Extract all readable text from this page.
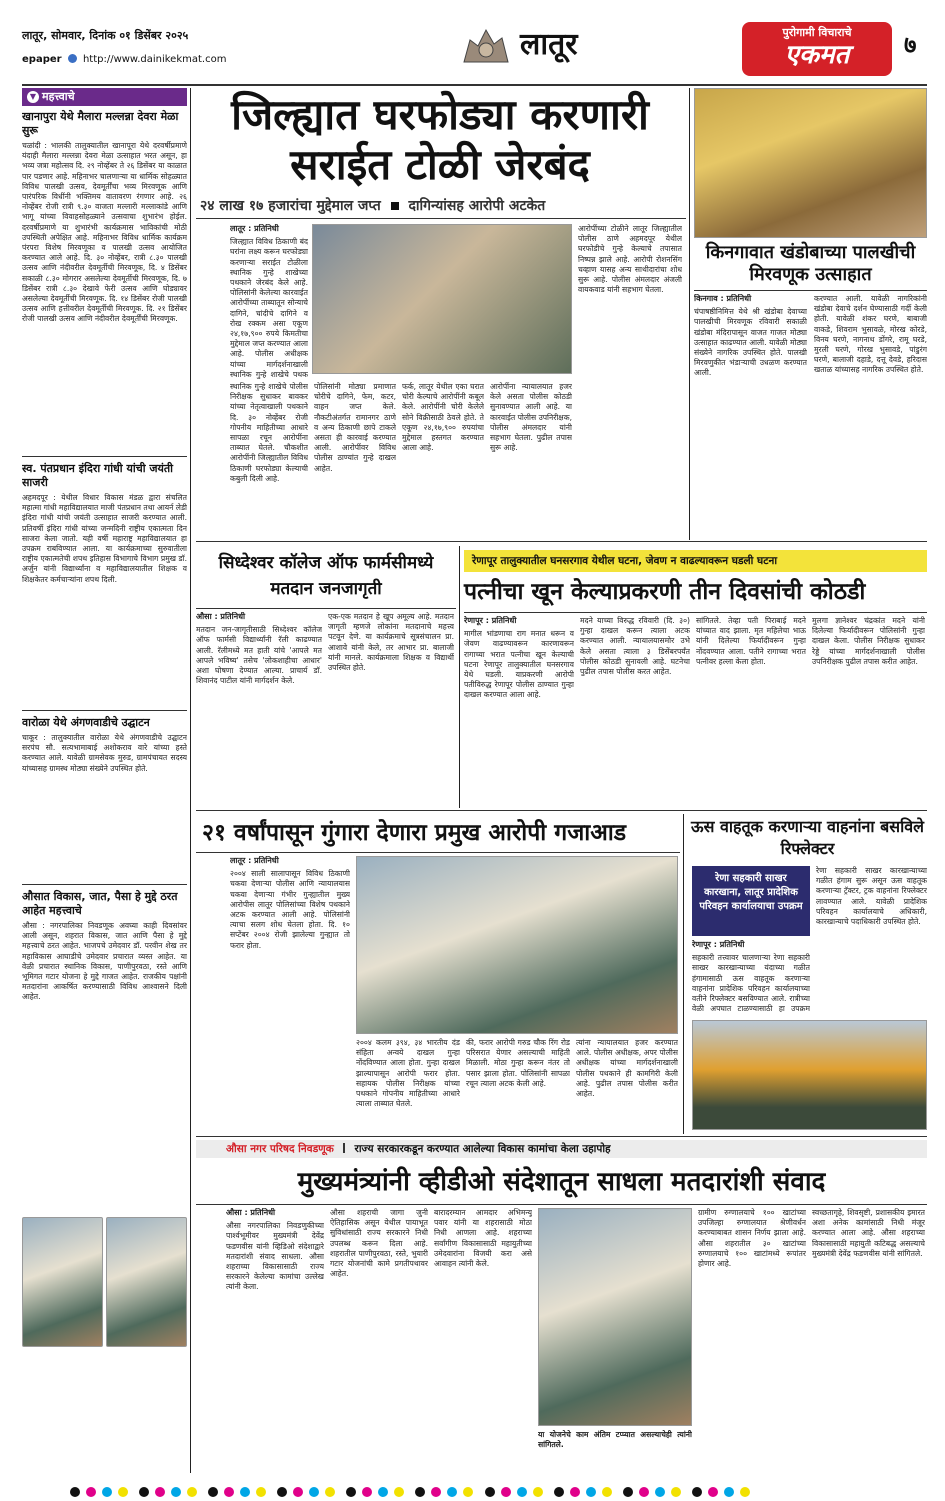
लातूर, सोमवार, दिनांक ०१ डिसेंबर २०२५
epaper http://www.dainikekmat.com	लातूर	पुरोगामी विचाराचे
एकमत	७
▼ महत्त्वाचे
खानापुरा येथे मैलारा मल्लन्ना देवरा मेळा सुरू
चळांदी : भालकी तालुक्यातील खानापूरा येथे दरवर्षीप्रमाणे यंदाही मैलारा मल्लन्ना देवरा मेळा उत्साहात भरत असून, हा भव्य जत्रा महोत्सव दि. २९ नोव्हेंबर ते २६ डिसेंबर या काळात पार पडणार आहे. महिनाभर चालणाऱ्या या धार्मिक सोहळ्यात विविध पालखी उत्सव, देवमूर्तींचा भव्य मिरवणूक आणि पारंपरिक विधींनी भक्तिमय वातावरण रंगणार आहे. २६ नोव्हेंबर रोजी रात्री ९.३० वाजता मल्लारी मल्लाकांडे आणि भागू यांच्या विवाहसोहळ्याने उत्सवाचा शुभारंभ होईल. दरवर्षीप्रमाणे या शुभारंभी कार्यक्रमास भाविकांची मोठी उपस्थिती अपेक्षित आहे. महिनाभर विविध धार्मिक कार्यक्रम पंरपरा विशेष मिरवणूका व पालखी उत्सव आयोजित करण्यात आले आहे. दि. ३० नोव्हेंबर, रात्री ८.३० पालखी उत्सव आणि नंदीवरील देवमूर्तीची मिरवणूक, दि. ४ डिसेंबर सकाळी ८.३० मोगरार असलेल्या देवमूर्तीची मिरवणूक, दि. ७ डिसेंबर रात्री ८.३० देखावे फेरी उत्सव आणि घोड्यावर असलेल्या देवमूर्तीची मिरवणूक. दि. १४ डिसेंबर रोजी पालखी उत्सव आणि हत्तीवरील देवमूर्तीची मिरवणूक. दि. २१ डिसेंबर रोजी पालखी उत्सव आणि नंदीवरील देवमूर्तींची मिरवणूक.
स्व. पंतप्रधान इंदिरा गांधी यांची जयंती साजरी
अहमदपूर : येथील विधार विकास मंडळ द्वारा संचलित महात्मा गांधी महाविद्यालयात माजी पंतप्रधान तथा आयर्न लेडी इंदिरा गांधी यांची जयंती उत्साहात साजरी करण्यात आली. प्रतिवर्षी इंदिरा गांधी यांच्या जन्मदिनी राष्ट्रीय एकात्मता दिन साजरा केला जातो. यही वर्षी महाराष्ट्र महाविद्यालयात हा उपक्रम राबविण्यात आला. या कार्यक्रमाच्या सुरुवातीला राष्ट्रीय एकात्मतेची शपथ इतिहास विभागाचे विभाग प्रमुख डॉ. अर्जुन यांनी विद्यार्थ्यांना व महाविद्यालयातील शिक्षक व शिक्षकेतर कर्मचाऱ्यांना शपथ दिली.
वारोळा येथे अंगणवाडीचे उद्घाटन
चाकूर : तालुक्यातील वारोळा येथे अंगणवाडीचे उद्घाटन सरपंच सौ. सत्यभामाबाई अशोकराव वारे यांच्या हस्ते करण्यात आले. यावेळी ग्रामसेवक मुरुड, ग्रामपंचायत सदस्य यांच्यासह ग्रामस्थ मोठ्या संख्येने उपस्थित होते.
औसात विकास, जात, पैसा हे मुद्दे ठरत आहेत महत्त्वाचे
औसा : नगरपालिका निवडणूक अवघ्या काही दिवसांवर आली असून, शहरात विकास, जात आणि पैसा हे मुद्दे महत्त्वाचे ठरत आहेत. भाजपचे उमेदवार डॉ. परवीन शेख तर महाविकास आघाडीचे उमेदवार प्रचारात व्यस्त आहेत. या वेळी प्रचारात स्थानिक विकास, पाणीपुरवठा, रस्ते आणि भूमिगत गटार योजना हे मुद्दे गाजत आहेत. राजकीय पक्षांनी मतदारांना आकर्षित करण्यासाठी विविध आश्वासने दिली आहेत.
जिल्ह्यात घरफोड्या करणारी
सराईत टोळी जेरबंद
२४ लाख १७ हजारांचा मुद्देमाल जप्त दागिन्यांसह आरोपी अटकेत
लातूर : प्रतिनिधी
जिल्ह्यात विविध ठिकाणी बंद घरांना लक्ष्य करून घरफोड्या करणाऱ्या सराईत टोळीला स्थानिक गुन्हे शाखेच्या पथकाने जेरबंद केले आहे. पोलिसांनी केलेल्या कारवाईत आरोपींच्या ताब्यातून सोन्याचे दागिने, चांदीचे दागिने व रोख रक्कम असा एकूण २४,१७,९०० रुपये किमतीचा मुद्देमाल जप्त करण्यात आला आहे. पोलीस अधीक्षक यांच्या मार्गदर्शनाखाली स्थानिक गुन्हे शाखेचे पथक
आरोपींच्या टोळीने लातूर जिल्ह्यातील पोलीस ठाणे अहमदपूर येथील घरफोडीचे गुन्हे केल्याचे तपासात निष्पन्न झाले आहे. आरोपी रोशनसिंग चव्हाण यासह अन्य साथीदारांचा शोध सुरू आहे. पोलीस अंमलदार अंजली वायकवाड यांनी सहभाग घेतला.
स्थानिक गुन्हे शाखेचे पोलीस निरीक्षक सुधाकर बावकर यांच्या नेतृत्वाखाली पथकाने दि. ३० नोव्हेंबर रोजी गोपनीय माहितीच्या आधारे सापळा रचून आरोपींना ताब्यात घेतले. चौकशीत आरोपींनी जिल्ह्यातील विविध ठिकाणी घरफोड्या केल्याची कबुली दिली आहे.
पोलिसांनी मोठ्या प्रमाणात चोरीचे दागिने, फेम, कटर, वाहन जप्त केले. नौकटीअंतर्गत रामानगर ठाणे व अन्य ठिकाणी छापे टाकले असता ही कारवाई करण्यात आली. आरोपींवर विविध पोलीस ठाण्यांत गुन्हे दाखल आहेत.
फर्क, लातूर येथील एका घरात चोरी केल्याचे आरोपींनी कबूल केले. आरोपींनी चोरी केलेले सोने विक्रीसाठी ठेवले होते. ते एकूण २४,१७,९०० रुपयांचा मुद्देमाल हस्तगत करण्यात आला आहे.
आरोपींना न्यायालयात हजर केले असता पोलीस कोठडी सुनावण्यात आली आहे. या कारवाईत पोलीस उपनिरीक्षक, पोलीस अंमलदार यांनी सहभाग घेतला. पुढील तपास सुरू आहे.
किनगावात खंडोबाच्या पालखीची मिरवणूक उत्साहात
किनगाव : प्रतिनिधी
चंपाषष्ठीनिमित्त येथे श्री खंडोबा देवाच्या पालखीची मिरवणूक रविवारी सकाळी खंडोबा मंदिरापासून वाजत गाजत मोठ्या उत्साहात काढण्यात आली. यावेळी मोठ्या संख्येने नागरिक उपस्थित होते. पालखी मिरवणुकीत भंडाऱ्याची उधळण करण्यात आली.
करण्यात आली. यावेळी नागरिकांनी खंडोबा देवाचे दर्शन घेण्यासाठी गर्दी केली होती. यावेळी शंकर घरणे, बाबाजी वाकडे, शिवराम भुसावळे, मोरख कोरडे, विनय घरणे, नागनाथ डोंगरे, रामू घरडे, मुरली घरणे, गोरख भुसावडे, पांडुरंग घरणे, बालाजी दहाडे, दत्तू देवडे, हरिदास खताळ यांच्यासह नागरिक उपस्थित होते.
सिध्देश्वर कॉलेज ऑफ फार्मसीमध्ये मतदान जनजागृती
औसा : प्रतिनिधी
मतदान जन-जागृतीसाठी सिध्देश्वर कॉलेज ऑफ फार्मसी विद्यार्थ्यांनी रॅली काढण्यात आली. रॅलीमध्ये मत हाती यांचे 'आपले मत आपले भविष्य' तसेच 'लोकशाहीचा आधार' अशा घोषणा देण्यात आल्या. प्राचार्य डॉ. शिवानंद पाटील यांनी मार्गदर्शन केले.
एक-एक मतदान हे खूप अमूल्य आहे. मतदान जागृती म्हणजे लोकांना मतदानाचे महत्त्व पटवून देणे. या कार्यक्रमाचे सूत्रसंचालन प्रा. आशावे यांनी केले, तर आभार प्रा. बालाजी यांनी मानले. कार्यक्रमाला शिक्षक व विद्यार्थी उपस्थित होते.
रेणापूर तालुक्यातील घनसरगाव येथील घटना, जेवण न वाढल्यावरून घडली घटना
पत्नीचा खून केल्याप्रकरणी तीन दिवसांची कोठडी
रेणापूर : प्रतिनिधी
मागील भांडणाचा राग मनात धरून व जेवण वाढण्यावरून कारणावरून रागाच्या भरात पत्नीचा खून केल्याची घटना रेणापूर तालुक्यातील घनसरगाव येथे घडली. याप्रकरणी आरोपी पतीविरुद्ध रेणापूर पोलीस ठाण्यात गुन्हा दाखल करण्यात आला आहे.
मदने याच्या विरुद्ध रविवारी (दि. ३०) गुन्हा दाखल करून त्याला अटक करण्यात आली. न्यायालयासमोर उभे केले असता त्याला ३ डिसेंबरपर्यंत पोलीस कोठडी सुनावली आहे. घटनेचा पुढील तपास पोलीस करत आहेत.
सांगितले. तेव्हा पती पिराबाई मदने यांच्यात वाद झाला. मृत महिलेचा भाऊ यांनी दिलेल्या फिर्यादीवरून गुन्हा नोंदवण्यात आला. पतीने रागाच्या भरात पत्नीवर हल्ला केला होता.
मुलगा ज्ञानेश्वर चंद्रकांत मदने यांनी दिलेल्या फिर्यादीवरून पोलिसांनी गुन्हा दाखल केला. पोलीस निरीक्षक सुधाकर रेड्डे यांच्या मार्गदर्शनाखाली पोलीस उपनिरीक्षक पुढील तपास करीत आहेत.
२१ वर्षांपासून गुंगारा देणारा प्रमुख आरोपी गजाआड
लातूर : प्रतिनिधी
२००४ साली सालापासून विविध ठिकाणी चकवा देणाऱ्या पोलीस आणि न्यायालयास चकवा देणाऱ्या गंभीर गुन्ह्यातील मुख्य आरोपीस लातूर पोलिसांच्या विशेष पथकाने अटक करण्यात आली आहे. पोलिसांनी त्याचा सलग शोध घेतला होता. दि. १० सप्टेंबर २००४ रोजी झालेल्या गुन्ह्यात तो फरार होता.
२००४ कलम ३९४, ३४ भारतीय दंड संहिता अन्वये दाखल गुन्हा नोंदविण्यात आला होता. गुन्हा दाखल झाल्यापासून आरोपी फरार होता. सहायक पोलीस निरीक्षक यांच्या पथकाने गोपनीय माहितीच्या आधारे त्याला ताब्यात घेतले.
की, फरार आरोपी गरुड चौक रिंग रोड परिसरात येणार असल्याची माहिती मिळाली. मोठा गुन्हा करून नंतर तो पसार झाला होता. पोलिसांनी सापळा रचून त्याला अटक केली आहे.
त्यांना न्यायालयात हजर करण्यात आले. पोलीस अधीक्षक, अपर पोलीस अधीक्षक यांच्या मार्गदर्शनाखाली पोलीस पथकाने ही कामगिरी केली आहे. पुढील तपास पोलीस करीत आहेत.
ऊस वाहतूक करणाऱ्या वाहनांना बसविले रिफ्लेक्टर
रेणा सहकारी साखर कारखाना, लातूर प्रादेशिक परिवहन कार्यालयाचा उपक्रम
रेणा सहकारी साखर कारखान्याच्या गळीत हंगाम सुरू असून ऊस वाहतूक करणाऱ्या ट्रॅक्टर, ट्रक वाहनांना रिफ्लेक्टर लावण्यात आले. यावेळी प्रादेशिक परिवहन कार्यालयाचे अधिकारी, कारखान्याचे पदाधिकारी उपस्थित होते.
रेणापूर : प्रतिनिधी
सहकारी तत्त्वावर चालणाऱ्या रेणा सहकारी साखर कारखान्याच्या यंदाच्या गळीत हंगामासाठी ऊस वाहतूक करणाऱ्या वाहनांना प्रादेशिक परिवहन कार्यालयाच्या वतीने रिफ्लेक्टर बसविण्यात आले. रात्रीच्या वेळी अपघात टाळण्यासाठी हा उपक्रम
औसा नगर परिषद निवडणूक राज्य सरकारकडून करण्यात आलेल्या विकास कामांचा केला उहापोह
मुख्यमंत्र्यांनी व्हीडीओ संदेशातून साधला मतदारांशी संवाद
औसा : प्रतिनिधी
औसा नगरपालिका निवडणुकीच्या पार्श्वभूमीवर मुख्यमंत्री देवेंद्र फडणवीस यांनी व्हिडिओ संदेशाद्वारे मतदारांशी संवाद साधला. औसा शहराच्या विकासासाठी राज्य सरकारने केलेल्या कामांचा उल्लेख त्यांनी केला.
औसा शहराची जागा जुनी ऐतिहासिक असून येथील पायाभूत सुविधांसाठी राज्य सरकारने निधी उपलब्ध करून दिला आहे. शहरातील पाणीपुरवठा, रस्ते, भुयारी गटार योजनांची कामे प्रगतीपथावर आहेत.
बारादरम्यान आमदार अभिमन्यू पवार यांनी या शहरासाठी मोठा निधी आणला आहे. शहराच्या सर्वांगीण विकासासाठी महायुतीच्या उमेदवारांना विजयी करा असे आवाहन त्यांनी केले.
या योजनेचे काम अंतिम टप्प्यात असल्याचेही त्यांनी सांगितले.
ग्रामीण रुग्णालयाचे १०० खाटांच्या उपजिल्हा रुग्णालयात श्रेणीवर्धन करण्याबाबत शासन निर्णय झाला आहे. औसा शहरातील ३० खाटांच्या रुग्णालयाचे १०० खाटांमध्ये रूपांतर होणार आहे.
स्वच्छतागृहे, शिवसृष्टी, प्रशासकीय इमारत अशा अनेक कामांसाठी निधी मंजूर करण्यात आला आहे. औसा शहराच्या विकासासाठी महायुती कटिबद्ध असल्याचे मुख्यमंत्री देवेंद्र फडणवीस यांनी सांगितले.
